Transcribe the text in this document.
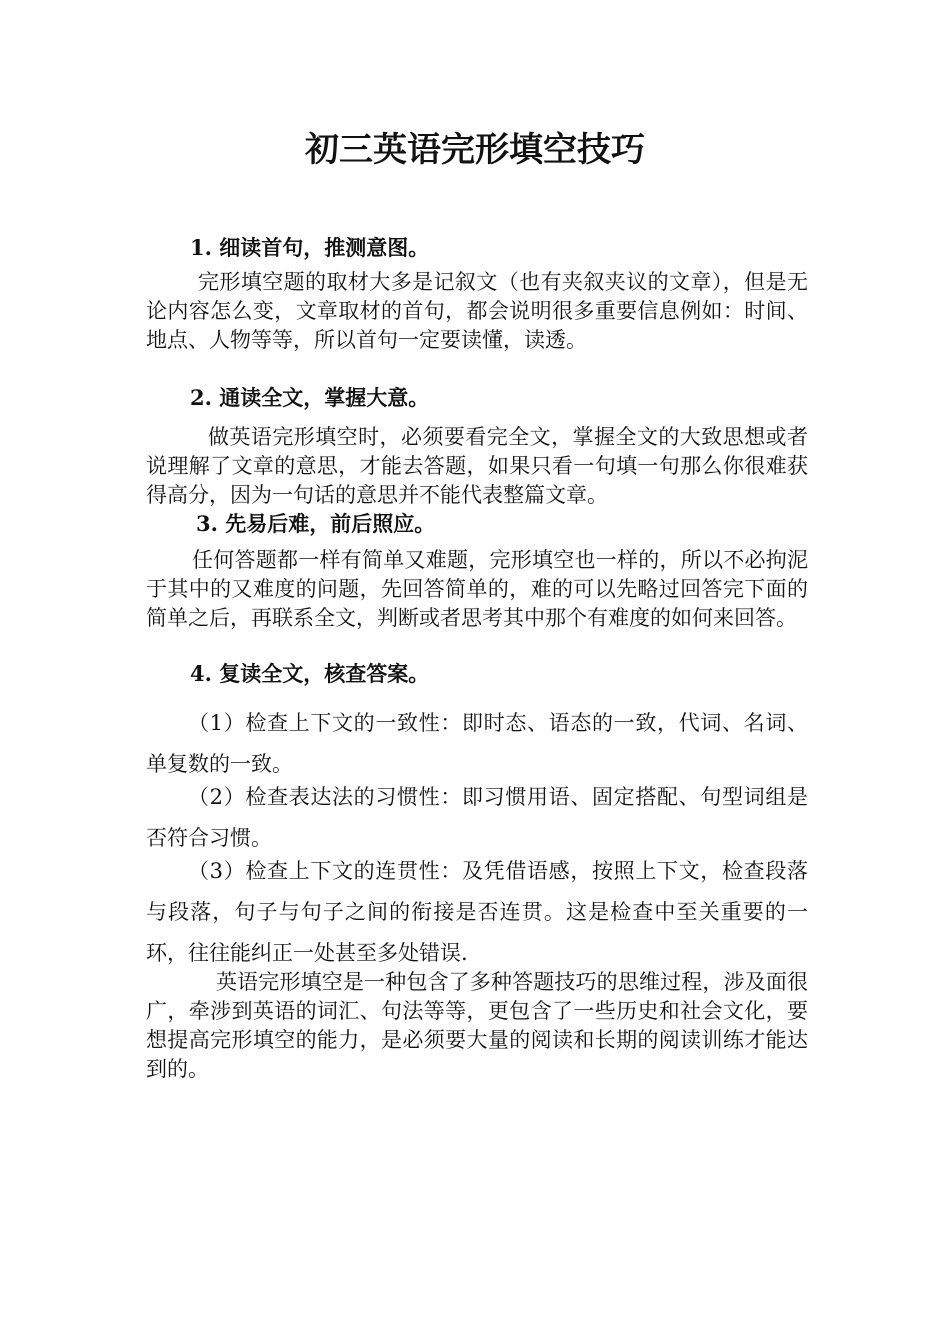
初三英语完形填空技巧
1. 细读首句，推测意图。

完形填空题的取材大多是记叙文（也有夹叙夹议的文章），但是无论内容怎么变，文章取材的首句，都会说明很多重要信息例如：时间、地点、人物等等，所以首句一定要读懂，读透。

2. 通读全文，掌握大意。

做英语完形填空时，必须要看完全文，掌握全文的大致思想或者说理解了文章的意思，才能去答题，如果只看一句填一句那么你很难获得高分，因为一句话的意思并不能代表整篇文章。

3. 先易后难，前后照应。

任何答题都一样有简单又难题，完形填空也一样的，所以不必拘泥于其中的又难度的问题，先回答简单的，难的可以先略过回答完下面的简单之后，再联系全文，判断或者思考其中那个有难度的如何来回答。

4. 复读全文，核查答案。

（1）检查上下文的一致性：即时态、语态的一致，代词、名词、单复数的一致。

（2）检查表达法的习惯性：即习惯用语、固定搭配、句型词组是否符合习惯。

（3）检查上下文的连贯性：及凭借语感，按照上下文，检查段落与段落，句子与句子之间的衔接是否连贯。这是检查中至关重要的一环，往往能纠正一处甚至多处错误.

英语完形填空是一种包含了多种答题技巧的思维过程，涉及面很广，牵涉到英语的词汇、句法等等，更包含了一些历史和社会文化，要想提高完形填空的能力，是必须要大量的阅读和长期的阅读训练才能达到的。
